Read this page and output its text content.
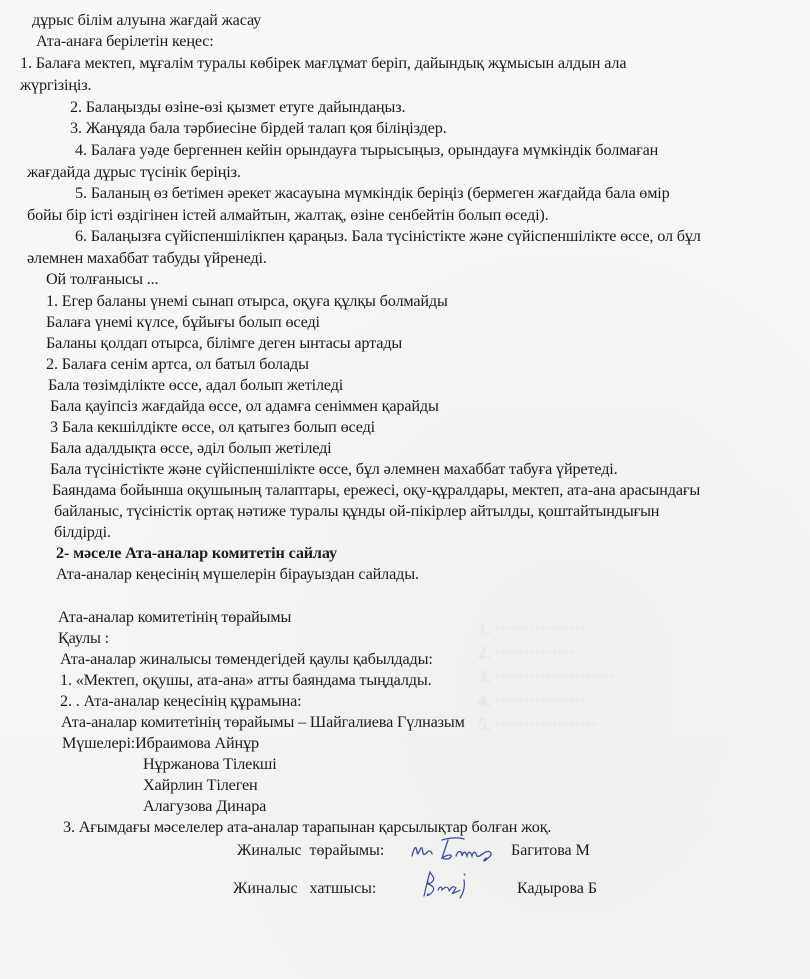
1. ················
2. ··············
3. ·····················
4. ················
5. ··················
дұрыс білім алуына жағдай жасау
Ата-анаға берілетін кеңес:
1. Балаға мектеп, мұғалім туралы көбірек мағлұмат беріп, дайындық жұмысын алдын ала
жүргізіңіз.
2. Балаңызды өзіне-өзі қызмет етуге дайындаңыз.
3. Жанұяда бала тәрбиесіне бірдей талап қоя біліңіздер.
4. Балаға уәде бергеннен кейін орындауға тырысыңыз, орындауға мүмкіндік болмаған
жағдайда дұрыс түсінік беріңіз.
5. Баланың өз бетімен әрекет жасауына мүмкіндік беріңіз (бермеген жағдайда бала өмір
бойы бір істі өздігінен істей алмайтын, жалтақ, өзіне сенбейтін болып өседі).
6. Балаңызға сүйіспеншілікпен қараңыз. Бала түсіністікте және сүйіспеншілікте өссе, ол бұл
әлемнен махаббат табуды үйренеді.
Ой толғанысы ...
1. Егер баланы үнемі сынап отырса, оқуға құлқы болмайды
Балаға үнемі күлсе, бұйығы болып өседі
Баланы қолдап отырса, білімге деген ынтасы артады
2. Балаға сенім артса, ол батыл болады
Бала төзімділікте өссе, адал болып жетіледі
Бала қауіпсіз жағдайда өссе, ол адамға сеніммен қарайды
3 Бала кекшілдікте өссе, ол қатыгез болып өседі
Бала адалдықта өссе, әділ болып жетіледі
Бала түсіністікте және сүйіспеншілікте өссе, бұл әлемнен махаббат табуға үйретеді.
Баяндама бойынша оқушының талаптары, ережесі, оқу-құралдары, мектеп, ата-ана арасындағы
байланыс, түсіністік ортақ нәтиже туралы құнды ой-пікірлер айтылды, қоштайтындығын
білдірді.
2- мәселе Ата-аналар комитетін сайлау
Ата-аналар кеңесінің мүшелерін бірауыздан сайлады.
Ата-аналар комитетінің төрайымы
Қаулы :
Ата-аналар жиналысы төмендегідей қаулы қабылдады:
1. «Мектеп, оқушы, ата-ана» атты баяндама тыңдалды.
2. . Ата-аналар кеңесінің құрамына:
Ата-аналар комитетінің төрайымы – Шайгалиева Гүлназым
Мүшелері:Ибраимова Айнұр
Нұржанова Тілекші
Хайрлин Тілеген
Алагузова Динара
3. Ағымдағы мәселелер ата-аналар тарапынан қарсылықтар болған жоқ.
Жиналыс  төрайымы:	Багитова М
Жиналыс   хатшысы:	Кадырова Б
